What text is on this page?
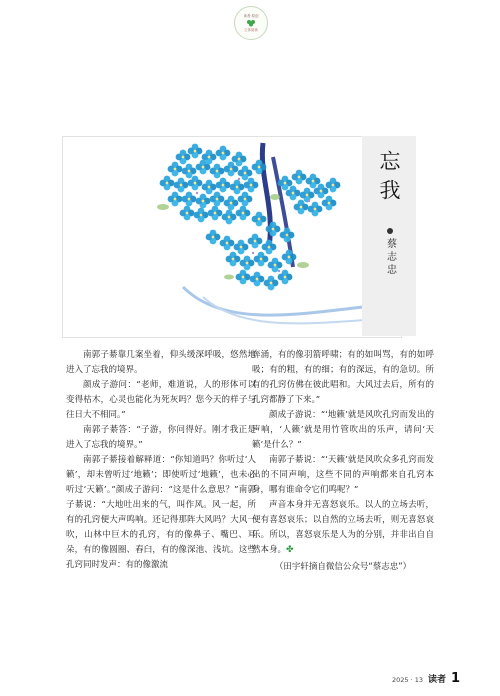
读者·原创
立体阅读
忘我
蔡志忠

南郭子綦靠几案坐着，仰头缓深呼吸，悠然地进入了忘我的境界。

颜成子游问：“老师，难道说，人的形体可以变得枯木，心灵也能化为死灰吗？您今天的样子与往日大不相同。”

南郭子綦答：“子游，你问得好。刚才我正是进入了忘我的境界。”

南郭子綦接着解释道：“你知道吗？你听过‘人籁’，却未曾听过‘地籁’；即使听过‘地籁’，也未必听过‘天籁’。”颜成子游问：“这是什么意思？”南郭子綦说：“大地吐出来的气，叫作风。风一起，所有的孔窍便大声鸣响。还记得那阵大风吗？大风一吹，山林中巨木的孔窍，有的像鼻子、嘴巴、耳朵，有的像圆圈、舂臼，有的像深池、浅坑。这些孔窍同时发声：有的像激流

奔涌，有的像羽箭呼啸；有的如叫骂，有的如呼吸；有的粗，有的细；有的深远，有的急切。所有的孔窍仿佛在彼此唱和。大风过去后，所有的孔窍都静了下来。”

颜成子游说：“‘地籁’就是风吹孔窍而发出的声响，‘人籁’就是用竹管吹出的乐声，请问‘天籁’是什么？”

南郭子綦说：“‘天籁’就是风吹众多孔窍而发出的不同声响，这些不同的声响都来自孔窍本身，哪有谁命令它们鸣呢？”

声音本身并无喜怒哀乐。以人的立场去听，便有喜怒哀乐；以自然的立场去听，则无喜怒哀乐。所以，喜怒哀乐是人为的分别，并非出自自然本身。✤

（田宇轩摘自微信公众号“蔡志忠”）

2025 · 13 读者 1
